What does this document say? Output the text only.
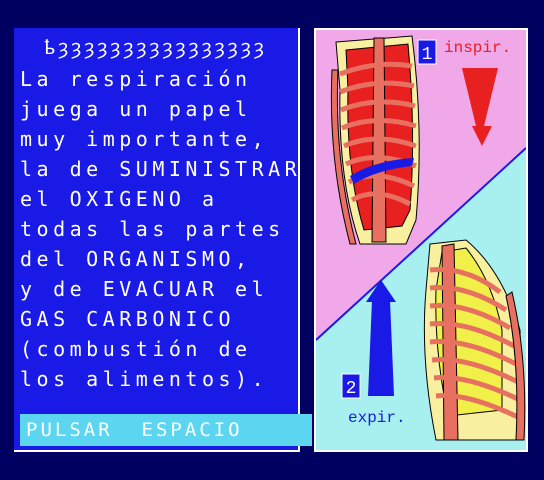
ҍȝȝȝȝȝȝȝȝȝȝȝȝȝȝȝȝ
La respiración
juega un papel
muy importante,
la de SUMINISTRAR
el OXIGENO a
todas las partes
del ORGANISMO,
y de EVACUAR el
GAS CARBONICO
(combustión de
los alimentos).
PULSAR  ESPACIO
1 inspir.
2
expir.
